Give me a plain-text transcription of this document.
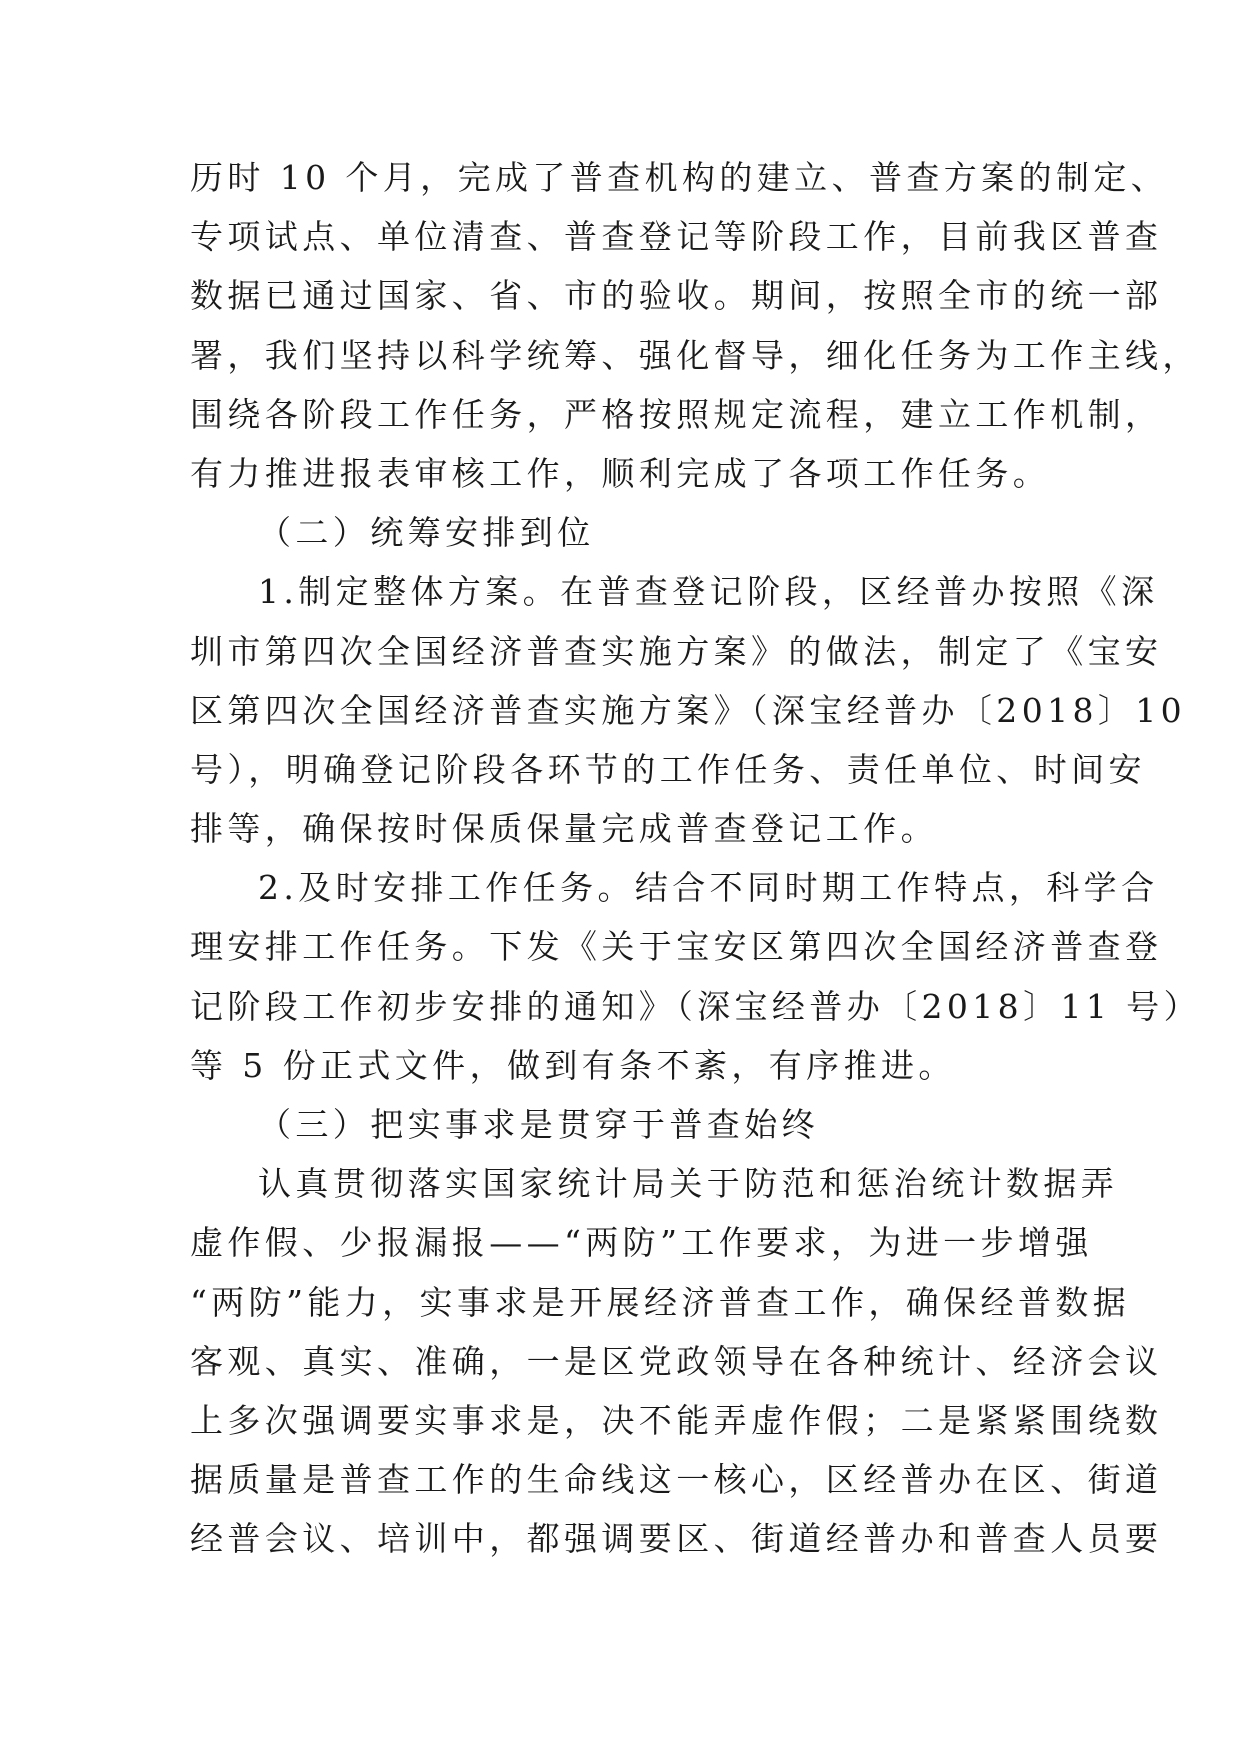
历时 10 个月，完成了普查机构的建立、普查方案的制定、
专项试点、单位清查、普查登记等阶段工作，目前我区普查
数据已通过国家、省、市的验收。期间，按照全市的统一部
署，我们坚持以科学统筹、强化督导，细化任务为工作主线，
围绕各阶段工作任务，严格按照规定流程，建立工作机制，
有力推进报表审核工作，顺利完成了各项工作任务。
（二）统筹安排到位
1.制定整体方案。在普查登记阶段，区经普办按照《深
圳市第四次全国经济普查实施方案》的做法，制定了《宝安
区第四次全国经济普查实施方案》（深宝经普办〔2018〕10
号），明确登记阶段各环节的工作任务、责任单位、时间安
排等，确保按时保质保量完成普查登记工作。
2.及时安排工作任务。结合不同时期工作特点，科学合
理安排工作任务。下发《关于宝安区第四次全国经济普查登
记阶段工作初步安排的通知》（深宝经普办〔2018〕11 号）
等 5 份正式文件，做到有条不紊，有序推进。
（三）把实事求是贯穿于普查始终
认真贯彻落实国家统计局关于防范和惩治统计数据弄
虚作假、少报漏报——“两防”工作要求，为进一步增强
“两防”能力，实事求是开展经济普查工作，确保经普数据
客观、真实、准确，一是区党政领导在各种统计、经济会议
上多次强调要实事求是，决不能弄虚作假；二是紧紧围绕数
据质量是普查工作的生命线这一核心，区经普办在区、街道
经普会议、培训中，都强调要区、街道经普办和普查人员要
